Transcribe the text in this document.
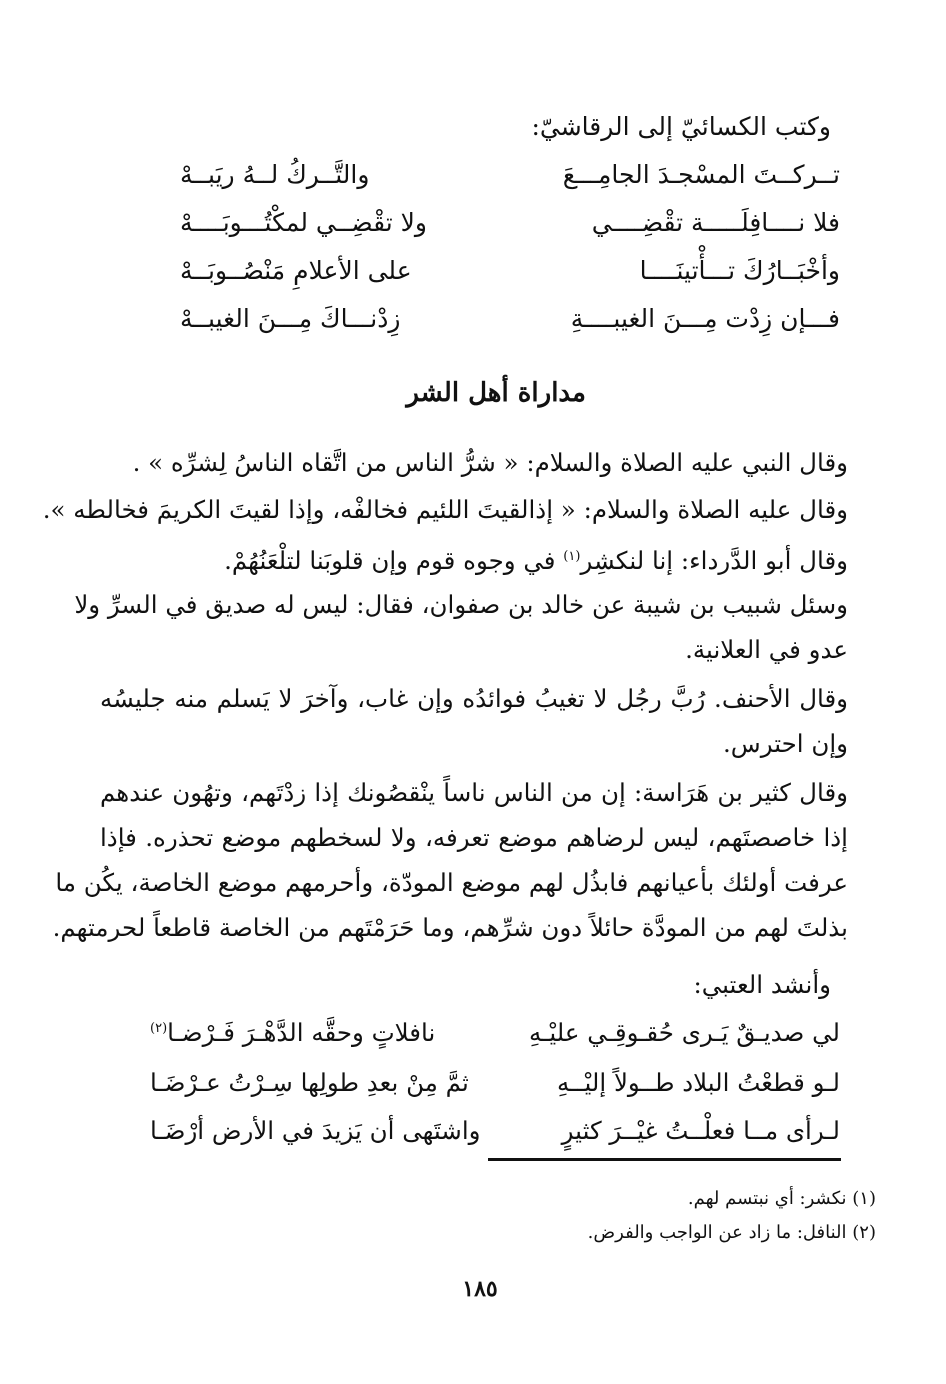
وكتب الكسائيّ إلى الرقاشيّ:
تــركــتَ المسْجـدَ الجامِـــعَ
والتَّــركُ لــهُ ريَبــهْ
فلا نــــافِلَـــــة تقْضِــــي
ولا تقْضِــي لمكْتُـــوبَــــهْ
وأخْبَــارُكَ تـــأْتينَــــا
على الأعلامِ مَنْصُــوبَــهْ
فـــإن زِدْت مِـــنَ الغيبــــةِ
زِدْنـــاكَ مِـــنَ الغيبــهْ
مداراة أهل الشر
وقال النبي عليه الصلاة والسلام: « شرُّ الناس من اتَّقاه الناسُ لِشرِّه » .
وقال عليه الصلاة والسلام: « إذالقيتَ اللئيم فخالفْه، وإذا لقيتَ الكريمَ فخالطه ».
وقال أبو الدَّرداء: إنا لنكشِر$^{(١)}$ في وجوه قوم وإن قلوبَنا لتلْعَنُهُمْ.
وسئل شبيب بن شيبة عن خالد بن صفوان، فقال: ليس له صديق في السرِّ ولا
عدو في العلانية.
وقال الأحنف. رُبَّ رجُل لا تغيبُ فوائدُه وإن غاب، وآخرَ لا يَسلم منه جليسُه
وإن احترس.
وقال كثير بن هَرَاسة: إن من الناس ناساً ينْقصُونك إذا زدْتَهم، وتهُون عندهم
إذا خاصصتَهم، ليس لرضاهم موضع تعرفه، ولا لسخطهم موضع تحذره. فإذا
عرفت أولئك بأعيانهم فابذُل لهم موضع المودّة، وأحرمهم موضع الخاصة، يكُن ما
بذلتَ لهم من المودَّة حائلاً دون شرِّهم، وما حَرَمْتَهم من الخاصة قاطعاً لحرمتهم.
وأنشد العتبي:
لي صديـقٌ يَـرى حُقـوقِـي عليْـهِ
نافلاتٍ وحقَّه الدَّهْـرَ فَـرْضـا$^{(٢)}$
لـو قطعْتُ البلاد طــولاً إليْــهِ
ثمَّ مِنْ بعدِ طولِها سِـرْتُ عـرْضَـا
لـرأى مــا فعلْــتُ غيْــرَ كثيرٍ
واشتَهى أن يَزيدَ في الأرض أرْضَـا
(١) نكشر: أي نبتسم لهم.
(٢) النافل: ما زاد عن الواجب والفرض.
١٨٥
